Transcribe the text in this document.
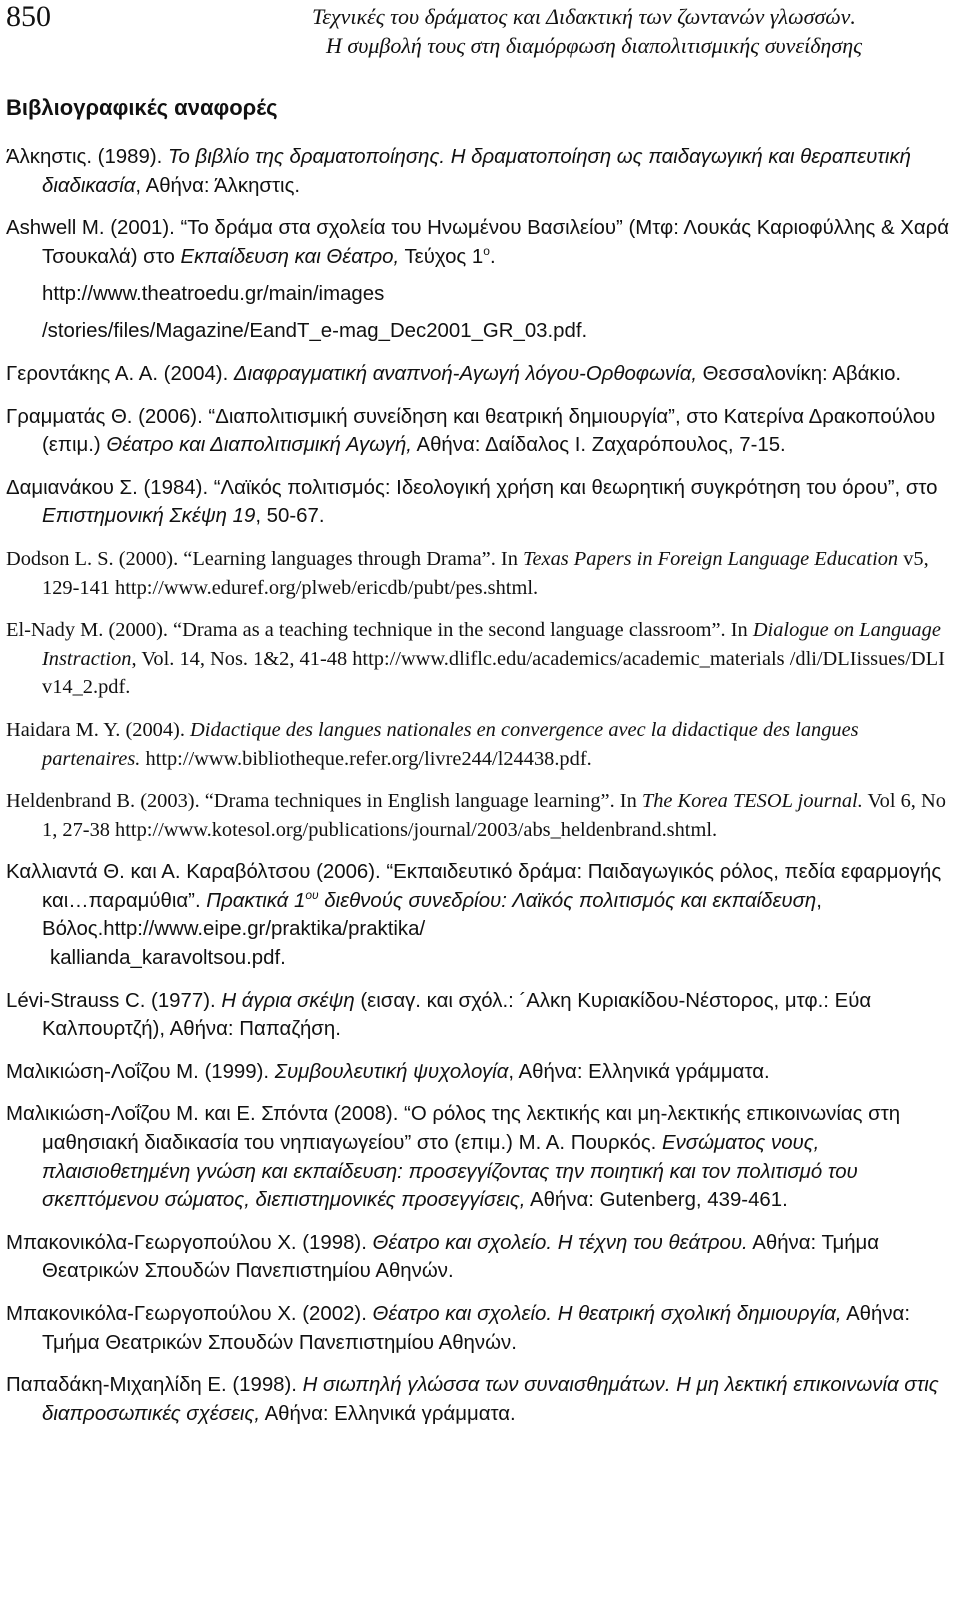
850	Τεχνικές του δράματος και Διδακτική των ζωντανών γλωσσών.
Η συμβολή τους στη διαμόρφωση διαπολιτισμικής συνείδησης
Βιβλιογραφικές αναφορές

Άλκηστις. (1989). Το βιβλίο της δραματοποίησης. Η δραματοποίηση ως παιδαγωγική και θεραπευτική διαδικασία, Αθήνα: Άλκηστις.

Ashwell M. (2001). “Το δράμα στα σχολεία του Ηνωμένου Βασιλείου” (Μτφ: Λουκάς Καριοφύλλης & Χαρά Τσουκαλά) στο Εκπαίδευση και Θέατρο, Τεύχος $1^o$.
http://www.theatroedu.gr/main/images
/stories/files/Magazine/EandT_e-mag_Dec2001_GR_03.pdf.

Γεροντάκης Α. Α. (2004). Διαφραγματική αναπνοή-Αγωγή λόγου-Ορθοφωνία, Θεσσαλονίκη: Αβάκιο.

Γραμματάς Θ. (2006). “Διαπολιτισμική συνείδηση και θεατρική δημιουργία”, στο Κατερίνα Δρακοπούλου (επιμ.) Θέατρο και Διαπολιτισμική Αγωγή, Αθήνα: Δαίδαλος Ι. Ζαχαρόπουλος, 7-15.

Δαμιανάκου Σ. (1984). “Λαϊκός πολιτισμός: Ιδεολογική χρήση και θεωρητική συγκρότηση του όρου”, στο Επιστημονική Σκέψη 19, 50-67.

Dodson L. S. (2000). “Learning languages through Drama”. In Texas Papers in Foreign Language Education v5, 129-141 http://www.eduref.org/plweb/ericdb/pubt/pes.shtml.

El-Nady M. (2000). “Drama as a teaching technique in the second language classroom”. In Dialogue on Language Instraction, Vol. 14, Nos. 1&2, 41-48 http://www.dliflc.edu/academics/academic_materials /dli/DLIissues/DLI v14_2.pdf.

Haidara M. Y. (2004). Didactique des langues nationales en convergence avec la didactique des langues partenaires. http://www.bibliotheque.refer.org/livre244/l24438.pdf.

Heldenbrand B. (2003). “Drama techniques in English language learning”. In The Korea TESOL journal. Vol 6, No 1, 27-38 http://www.kotesol.org/publications/journal/2003/abs_heldenbrand.shtml.

Καλλιαντά Θ. και Α. Καραβόλτσου (2006). “Εκπαιδευτικό δράμα: Παιδαγωγικός ρόλος, πεδία εφαρμογής και…παραμύθια”. Πρακτικά $1^{o\upsilon}$ διεθνούς συνεδρίου: Λαϊκός πολιτισμός και εκπαίδευση, Βόλος.http://www.eipe.gr/praktika/praktika/
kallianda_karavoltsou.pdf.

Lévi-Strauss C. (1977). Η άγρια σκέψη (εισαγ. και σχόλ.: ´Αλκη Κυριακίδου-Νέστορος, μτφ.: Εύα Καλπουρτζή), Αθήνα: Παπαζήση.

Μαλικιώση-Λοΐζου Μ. (1999). Συμβουλευτική ψυχολογία, Αθήνα: Ελληνικά γράμματα.

Μαλικιώση-Λοΐζου Μ. και Ε. Σπόντα (2008). “Ο ρόλος της λεκτικής και μη-λεκτικής επικοινωνίας στη μαθησιακή διαδικασία του νηπιαγωγείου” στο (επιμ.) Μ. Α. Πουρκός. Ενσώματος νους, πλαισιοθετημένη γνώση και εκπαίδευση: προσεγγίζοντας την ποιητική και τον πολιτισμό του σκεπτόμενου σώματος, διεπιστημονικές προσεγγίσεις, Αθήνα: Gutenberg, 439-461.

Μπακονικόλα-Γεωργοπούλου Χ. (1998). Θέατρο και σχολείο. Η τέχνη του θεάτρου. Αθήνα: Τμήμα Θεατρικών Σπουδών Πανεπιστημίου Αθηνών.

Μπακονικόλα-Γεωργοπούλου Χ. (2002). Θέατρο και σχολείο. Η θεατρική σχολική δημιουργία, Αθήνα: Τμήμα Θεατρικών Σπουδών Πανεπιστημίου Αθηνών.

Παπαδάκη-Μιχαηλίδη Ε. (1998). Η σιωπηλή γλώσσα των συναισθημάτων. Η μη λεκτική επικοινωνία στις διαπροσωπικές σχέσεις, Αθήνα: Ελληνικά γράμματα.
